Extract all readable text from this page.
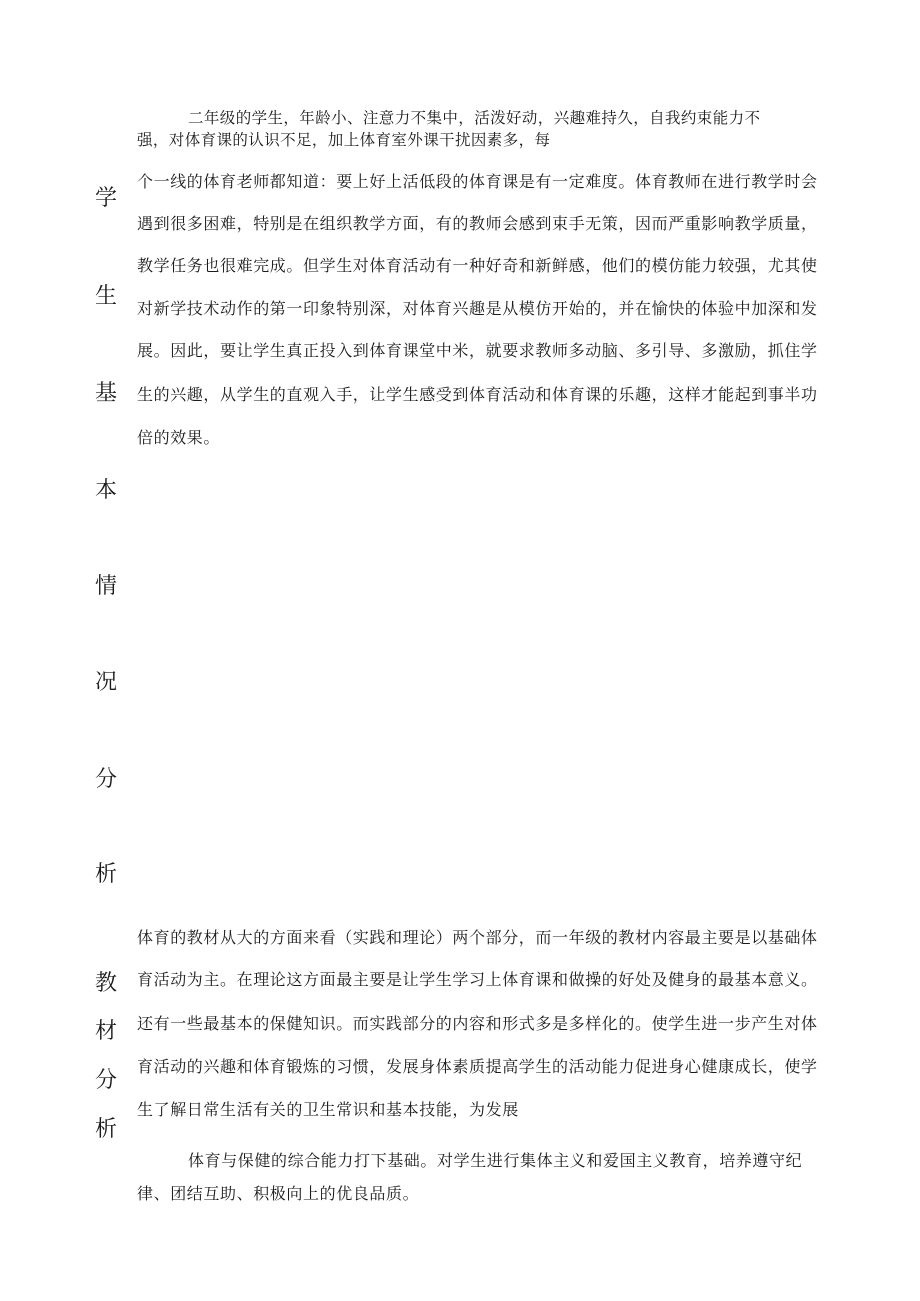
学
生
基
本
情
况
分
析
二年级的学生，年龄小、注意力不集中，活泼好动，兴趣难持久，自我约束能力不
强，对体育课的认识不足，加上体育室外课干扰因素多，每
个一线的体育老师都知道：要上好上活低段的体育课是有一定难度。体育教师在进行教学时会
遇到很多困难，特别是在组织教学方面，有的教师会感到束手无策，因而严重影响教学质量，
教学任务也很难完成。但学生对体育活动有一种好奇和新鲜感，他们的模仿能力较强，尤其使
对新学技术动作的第一印象特别深，对体育兴趣是从模仿开始的，并在愉快的体验中加深和发
展。因此，要让学生真正投入到体育课堂中米，就要求教师多动脑、多引导、多激励，抓住学
生的兴趣，从学生的直观入手，让学生感受到体育活动和体育课的乐趣，这样才能起到事半功
倍的效果。
教
材
分
析
体育的教材从大的方面来看（实践和理论）两个部分，而一年级的教材内容最主要是以基础体
育活动为主。在理论这方面最主要是让学生学习上体育课和做操的好处及健身的最基本意义。
还有一些最基本的保健知识。而实践部分的内容和形式多是多样化的。使学生进一步产生对体
育活动的兴趣和体育锻炼的习惯，发展身体素质提高学生的活动能力促进身心健康成长，使学
生了解日常生活有关的卫生常识和基本技能，为发展
体育与保健的综合能力打下基础。对学生进行集体主义和爱国主义教育，培养遵守纪
律、团结互助、积极向上的优良品质。
